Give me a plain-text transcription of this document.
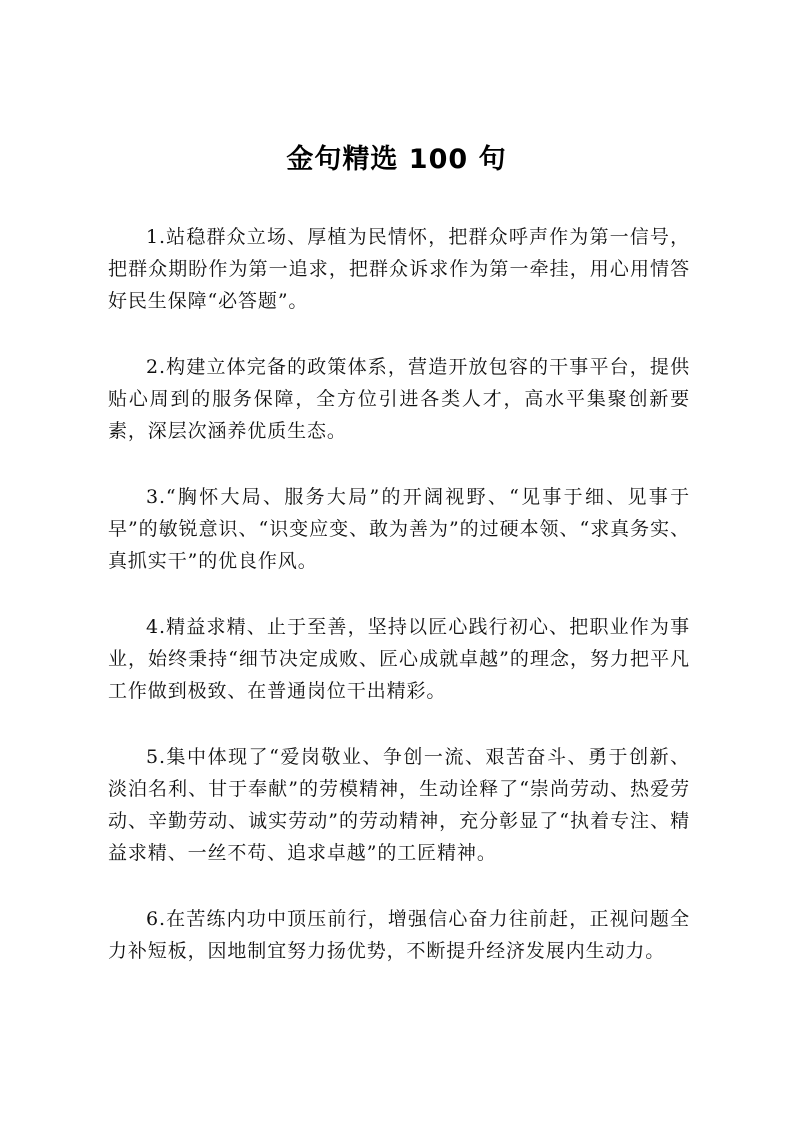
金句精选 100 句

1.站稳群众立场、厚植为民情怀，把群众呼声作为第一信号，把群众期盼作为第一追求，把群众诉求作为第一牵挂，用心用情答好民生保障“必答题”。

2.构建立体完备的政策体系，营造开放包容的干事平台，提供贴心周到的服务保障，全方位引进各类人才，高水平集聚创新要素，深层次涵养优质生态。

3.“胸怀大局、服务大局”的开阔视野、“见事于细、见事于早”的敏锐意识、“识变应变、敢为善为”的过硬本领、“求真务实、真抓实干”的优良作风。

4.精益求精、止于至善，坚持以匠心践行初心、把职业作为事业，始终秉持“细节决定成败、匠心成就卓越”的理念，努力把平凡工作做到极致、在普通岗位干出精彩。

5.集中体现了“爱岗敬业、争创一流、艰苦奋斗、勇于创新、淡泊名利、甘于奉献”的劳模精神，生动诠释了“崇尚劳动、热爱劳动、辛勤劳动、诚实劳动”的劳动精神，充分彰显了“执着专注、精益求精、一丝不苟、追求卓越”的工匠精神。

6.在苦练内功中顶压前行，增强信心奋力往前赶，正视问题全力补短板，因地制宜努力扬优势，不断提升经济发展内生动力。
